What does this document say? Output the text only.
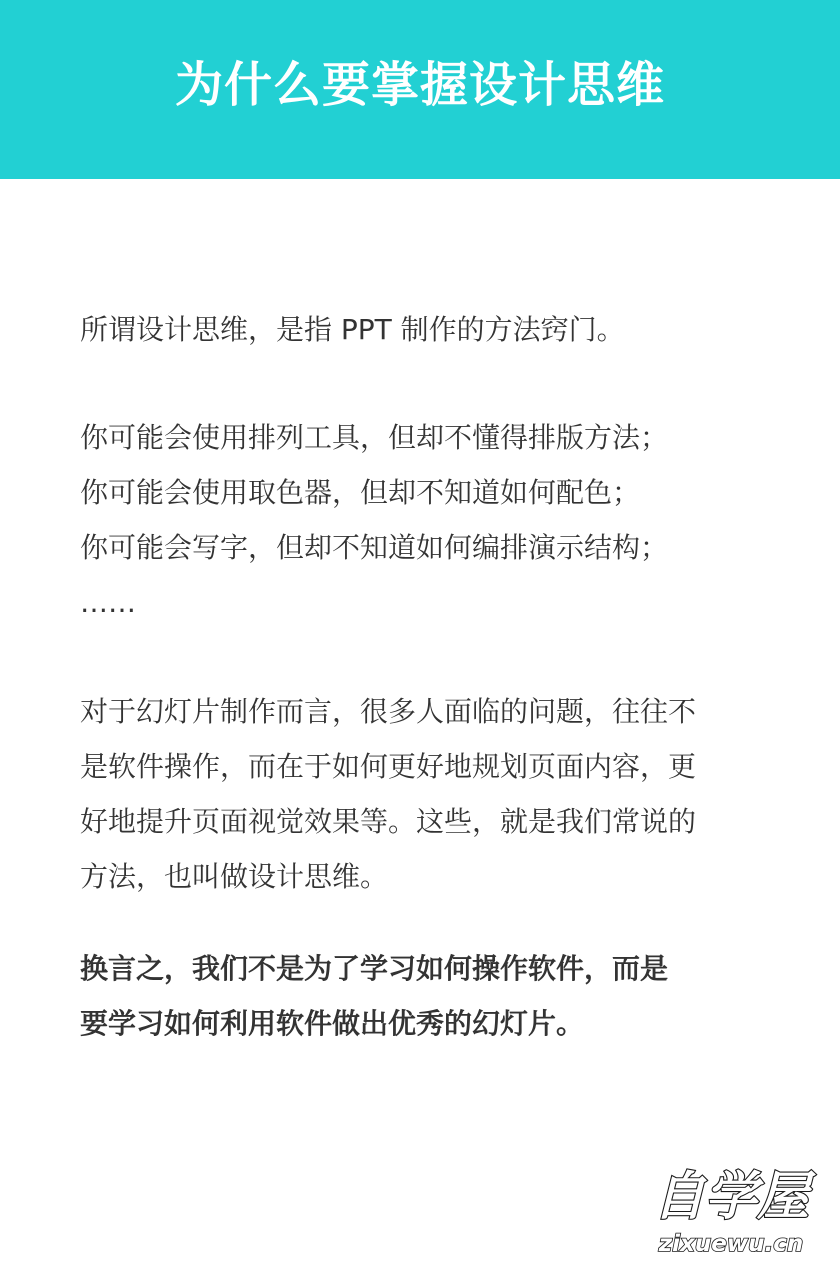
为什么要掌握设计思维

所谓设计思维，是指 PPT 制作的方法窍门。

你可能会使用排列工具，但却不懂得排版方法；
你可能会使用取色器，但却不知道如何配色；
你可能会写字，但却不知道如何编排演示结构；
……
对于幻灯片制作而言，很多人面临的问题，往往不
是软件操作，而在于如何更好地规划页面内容，更
好地提升页面视觉效果等。这些，就是我们常说的
方法，也叫做设计思维。
换言之，我们不是为了学习如何操作软件，而是
要学习如何利用软件做出优秀的幻灯片。
自学屋
zixuewu.cn
